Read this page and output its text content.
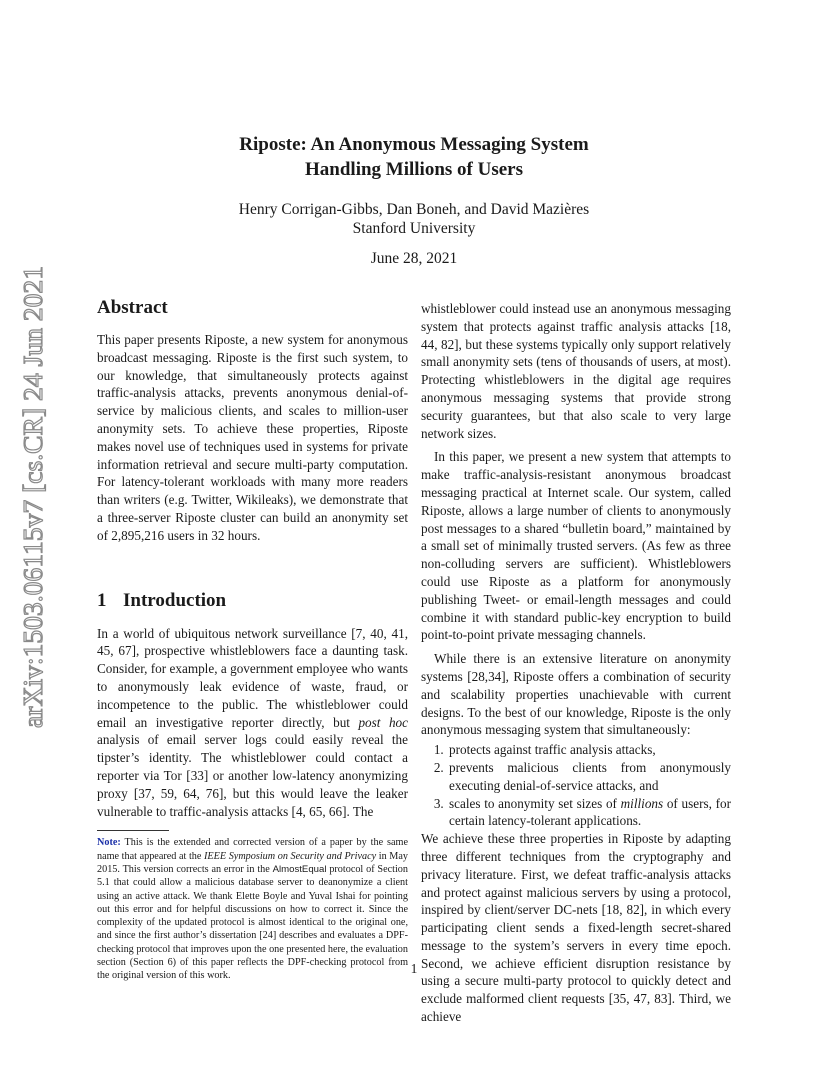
arXiv:1503.06115v7 [cs.CR] 24 Jun 2021
Riposte: An Anonymous Messaging System
Handling Millions of Users
Henry Corrigan-Gibbs, Dan Boneh, and David Mazières
Stanford University
June 28, 2021
Abstract

This paper presents Riposte, a new system for anonymous broadcast messaging. Riposte is the first such system, to our knowledge, that simultaneously protects against traffic-analysis attacks, prevents anonymous denial-of-service by malicious clients, and scales to million-user anonymity sets. To achieve these properties, Riposte makes novel use of techniques used in systems for private information retrieval and secure multi-party computation. For latency-tolerant workloads with many more readers than writers (e.g. Twitter, Wikileaks), we demonstrate that a three-server Riposte cluster can build an anonymity set of 2,895,216 users in 32 hours.

1 Introduction

In a world of ubiquitous network surveillance [7, 40, 41, 45, 67], prospective whistleblowers face a daunting task. Consider, for example, a government employee who wants to anonymously leak evidence of waste, fraud, or incompetence to the public. The whistleblower could email an investigative reporter directly, but post hoc analysis of email server logs could easily reveal the tipster’s identity. The whistleblower could contact a reporter via Tor [33] or another low-latency anonymizing proxy [37, 59, 64, 76], but this would leave the leaker vulnerable to traffic-analysis attacks [4, 65, 66]. The

Note: This is the extended and corrected version of a paper by the same name that appeared at the IEEE Symposium on Security and Privacy in May 2015. This version corrects an error in the AlmostEqual protocol of Section 5.1 that could allow a malicious database server to deanonymize a client using an active attack. We thank Elette Boyle and Yuval Ishai for pointing out this error and for helpful discussions on how to correct it. Since the complexity of the updated protocol is almost identical to the original one, and since the first author’s dissertation [24] describes and evaluates a DPF-checking protocol that improves upon the one presented here, the evaluation section (Section 6) of this paper reflects the DPF-checking protocol from the original version of this work.

whistleblower could instead use an anonymous messaging system that protects against traffic analysis attacks [18, 44, 82], but these systems typically only support relatively small anonymity sets (tens of thousands of users, at most). Protecting whistleblowers in the digital age requires anonymous messaging systems that provide strong security guarantees, but that also scale to very large network sizes.

In this paper, we present a new system that attempts to make traffic-analysis-resistant anonymous broadcast messaging practical at Internet scale. Our system, called Riposte, allows a large number of clients to anonymously post messages to a shared “bulletin board,” maintained by a small set of minimally trusted servers. (As few as three non-colluding servers are sufficient). Whistleblowers could use Riposte as a platform for anonymously publishing Tweet- or email-length messages and could combine it with standard public-key encryption to build point-to-point private messaging channels.

While there is an extensive literature on anonymity systems [28,34], Riposte offers a combination of security and scalability properties unachievable with current designs. To the best of our knowledge, Riposte is the only anonymous messaging system that simultaneously:

1. protects against traffic analysis attacks,
2. prevents malicious clients from anonymously executing denial-of-service attacks, and
3. scales to anonymity set sizes of millions of users, for certain latency-tolerant applications.

We achieve these three properties in Riposte by adapting three different techniques from the cryptography and privacy literature. First, we defeat traffic-analysis attacks and protect against malicious servers by using a protocol, inspired by client/server DC-nets [18, 82], in which every participating client sends a fixed-length secret-shared message to the system’s servers in every time epoch. Second, we achieve efficient disruption resistance by using a secure multi-party protocol to quickly detect and exclude malformed client requests [35, 47, 83]. Third, we achieve

1
